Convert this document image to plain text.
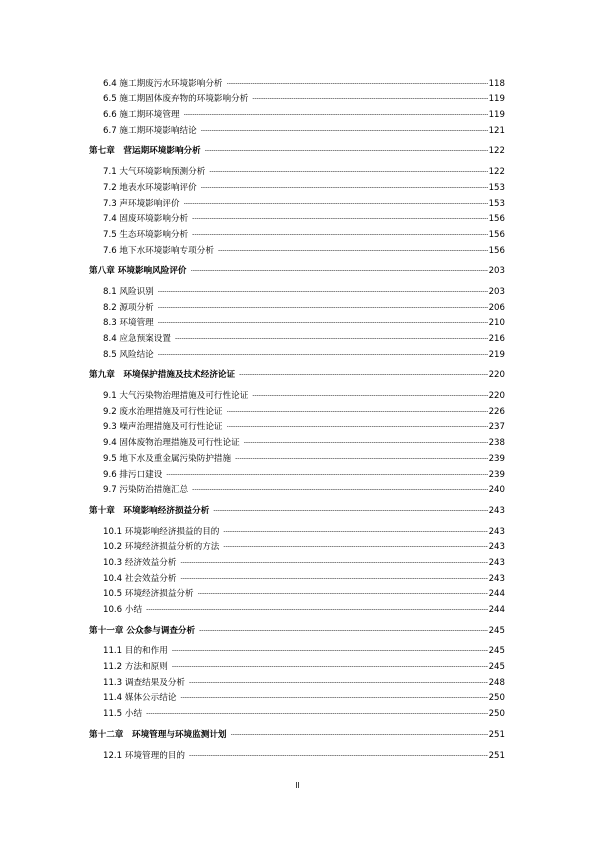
6.4 施工期废污水环境影响分析 -----	118
6.5 施工期固体废弃物的环境影响分析 -----	119
6.6 施工期环境管理 -----	119
6.7 施工期环境影响结论 -----	121
第七章　营运期环境影响分析 -----	122
7.1 大气环境影响预测分析 -----	122
7.2 地表水环境影响评价 -----	153
7.3 声环境影响评价 -----	153
7.4 固废环境影响分析 -----	156
7.5 生态环境影响分析 -----	156
7.6 地下水环境影响专项分析 -----	156
第八章 环境影响风险评价 -----	203
8.1 风险识别 -----	203
8.2 源项分析 -----	206
8.3 环境管理 -----	210
8.4 应急预案设置 -----	216
8.5 风险结论 -----	219
第九章　环境保护措施及技术经济论证 -----	220
9.1 大气污染物治理措施及可行性论证 -----	220
9.2 废水治理措施及可行性论证 -----	226
9.3 噪声治理措施及可行性论证 -----	237
9.4 固体废物治理措施及可行性论证 -----	238
9.5 地下水及重金属污染防护措施 -----	239
9.6 排污口建设 -----	239
9.7 污染防治措施汇总 -----	240
第十章　环境影响经济损益分析 -----	243
10.1 环境影响经济损益的目的 -----	243
10.2 环境经济损益分析的方法 -----	243
10.3 经济效益分析 -----	243
10.4 社会效益分析 -----	243
10.5 环境经济损益分析 -----	244
10.6 小结 -----	244
第十一章 公众参与调查分析 -----	245
11.1 目的和作用 -----	245
11.2 方法和原则 -----	245
11.3 调查结果及分析 -----	248
11.4 媒体公示结论 -----	250
11.5 小结 -----	250
第十二章　环境管理与环境监测计划 -----	251
12.1 环境管理的目的 -----	251
II
